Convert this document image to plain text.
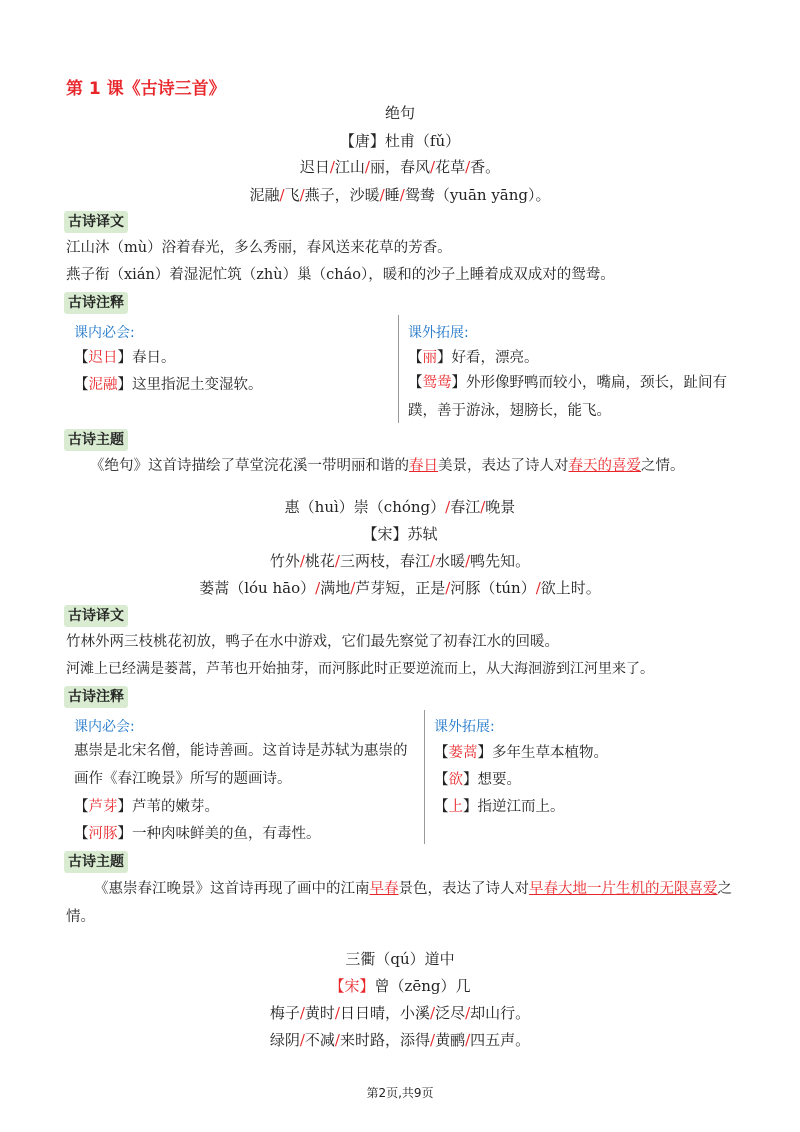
第 1 课《古诗三首》
绝句
【唐】杜甫（fǔ）
迟日/江山/丽，春风/花草/香。
泥融/飞/燕子，沙暖/睡/鸳鸯（yuān yāng）。
古诗译文
江山沐（mù）浴着春光，多么秀丽，春风送来花草的芳香。
燕子衔（xián）着湿泥忙筑（zhù）巢（cháo），暖和的沙子上睡着成双成对的鸳鸯。
古诗注释
课内必会:
【迟日】春日。
【泥融】这里指泥土变湿软。
课外拓展:
【丽】好看，漂亮。
【鸳鸯】外形像野鸭而较小，嘴扁，颈长，趾间有蹼，善于游泳，翅膀长，能飞。
古诗主题
《绝句》这首诗描绘了草堂浣花溪一带明丽和谐的春日美景，表达了诗人对春天的喜爱之情。
惠（huì）崇（chóng）/春江/晚景
【宋】苏轼
竹外/桃花/三两枝，春江/水暖/鸭先知。
蒌蒿（lóu hāo）/满地/芦芽短，正是/河豚（tún）/欲上时。
古诗译文
竹林外两三枝桃花初放，鸭子在水中游戏，它们最先察觉了初春江水的回暖。
河滩上已经满是蒌蒿，芦苇也开始抽芽，而河豚此时正要逆流而上，从大海洄游到江河里来了。
古诗注释
课内必会:
惠崇是北宋名僧，能诗善画。这首诗是苏轼为惠崇的画作《春江晚景》所写的题画诗。
【芦芽】芦苇的嫩芽。
【河豚】一种肉味鲜美的鱼，有毒性。
课外拓展:
【蒌蒿】多年生草本植物。
【欲】想要。
【上】指逆江而上。
古诗主题
《惠崇春江晚景》这首诗再现了画中的江南早春景色，表达了诗人对早春大地一片生机的无限喜爱之情。
三衢（qú）道中
【宋】曾（zēng）几
梅子/黄时/日日晴，小溪/泛尽/却山行。
绿阴/不减/来时路，添得/黄鹂/四五声。
第2页,共9页
